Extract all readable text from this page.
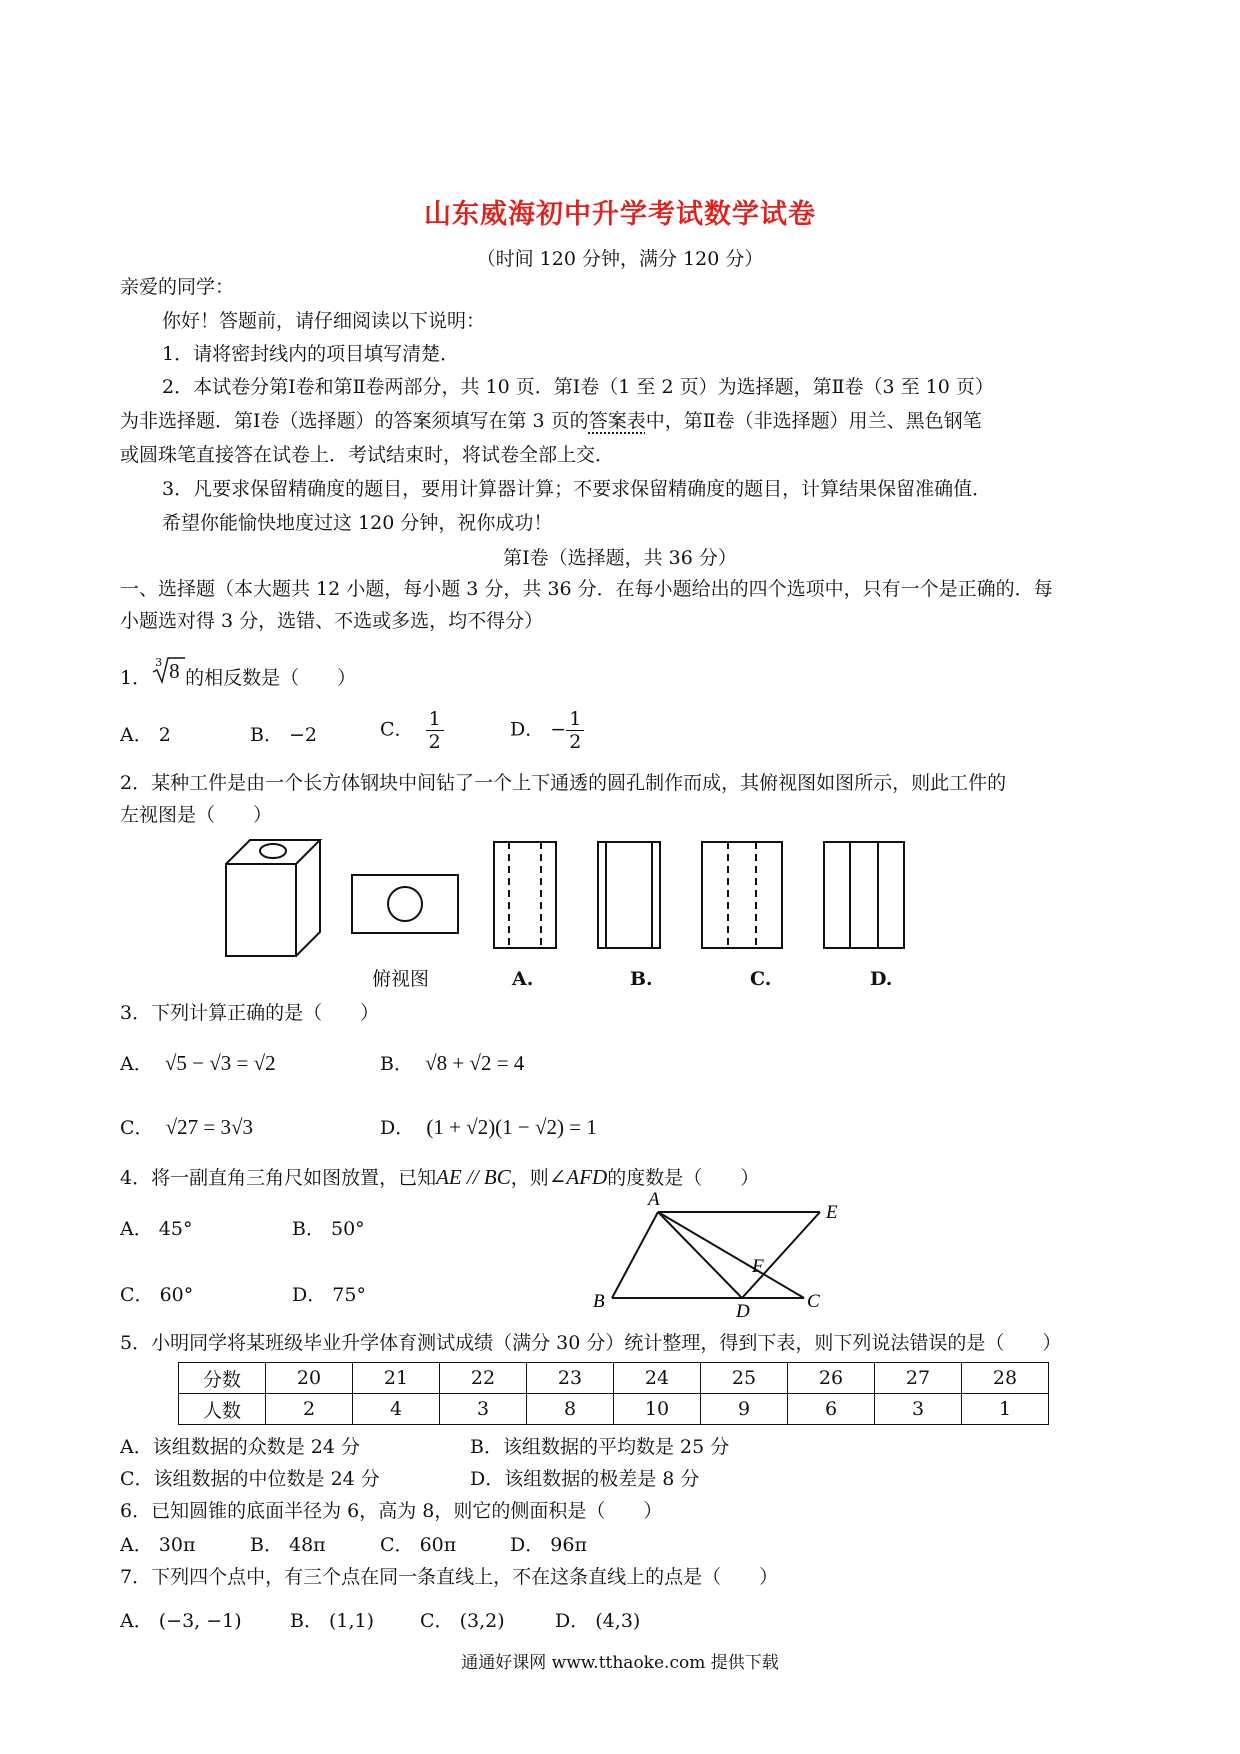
山东威海初中升学考试数学试卷
（时间 120 分钟，满分 120 分）
亲爱的同学：
你好！答题前，请仔细阅读以下说明：
1．请将密封线内的项目填写清楚．
2．本试卷分第Ⅰ卷和第Ⅱ卷两部分，共 10 页．第Ⅰ卷（1 至 2 页）为选择题，第Ⅱ卷（3 至 10 页）
为非选择题．第Ⅰ卷（选择题）的答案须填写在第 3 页的答案表中，第Ⅱ卷（非选择题）用兰、黑色钢笔
或圆珠笔直接答在试卷上．考试结束时，将试卷全部上交．
3．凡要求保留精确度的题目，要用计算器计算；不要求保留精确度的题目，计算结果保留准确值．
希望你能愉快地度过这 120 分钟，祝你成功！
第Ⅰ卷（选择题，共 36 分）
一、选择题（本大题共 12 小题，每小题 3 分，共 36 分．在每小题给出的四个选项中，只有一个是正确的．每
小题选对得 3 分，选错、不选或多选，均不得分）
1．
3 8 的相反数是（　　）
A． 2	B． −2	C． $\frac{1}{2}$	D． − $\frac{1}{2}$
2．某种工件是由一个长方体钢块中间钻了一个上下通透的圆孔制作而成，其俯视图如图所示，则此工件的
左视图是（　　）
俯视图	A.	B.	C.	D.
3．下列计算正确的是（　　）
A． √5 − √3 = √2	B． √8 + √2 = 4
C． √27 = 3√3	D． (1 + √2)(1 − √2) = 1
4．将一副直角三角尺如图放置，已知AE // BC，则∠AFD的度数是（　　）
A． 45°	B． 50°
C． 60°	D． 75°
A
E
F
B	D	C
5．小明同学将某班级毕业升学体育测试成绩（满分 30 分）统计整理，得到下表，则下列说法错误的是（　　）
分数	20	21	22	23	24	25	26	27	28
人数	2	4	3	8	10	9	6	3	1
A．该组数据的众数是 24 分	B．该组数据的平均数是 25 分
C．该组数据的中位数是 24 分	D．该组数据的极差是 8 分
6．已知圆锥的底面半径为 6，高为 8，则它的侧面积是（　　）
A． 30π	B． 48π	C． 60π	D． 96π
7．下列四个点中，有三个点在同一条直线上，不在这条直线上的点是（　　）
A． (−3, −1)	B． (1,1) C． (3,2)	D． (4,3)
通通好课网 www.tthaoke.com 提供下载
